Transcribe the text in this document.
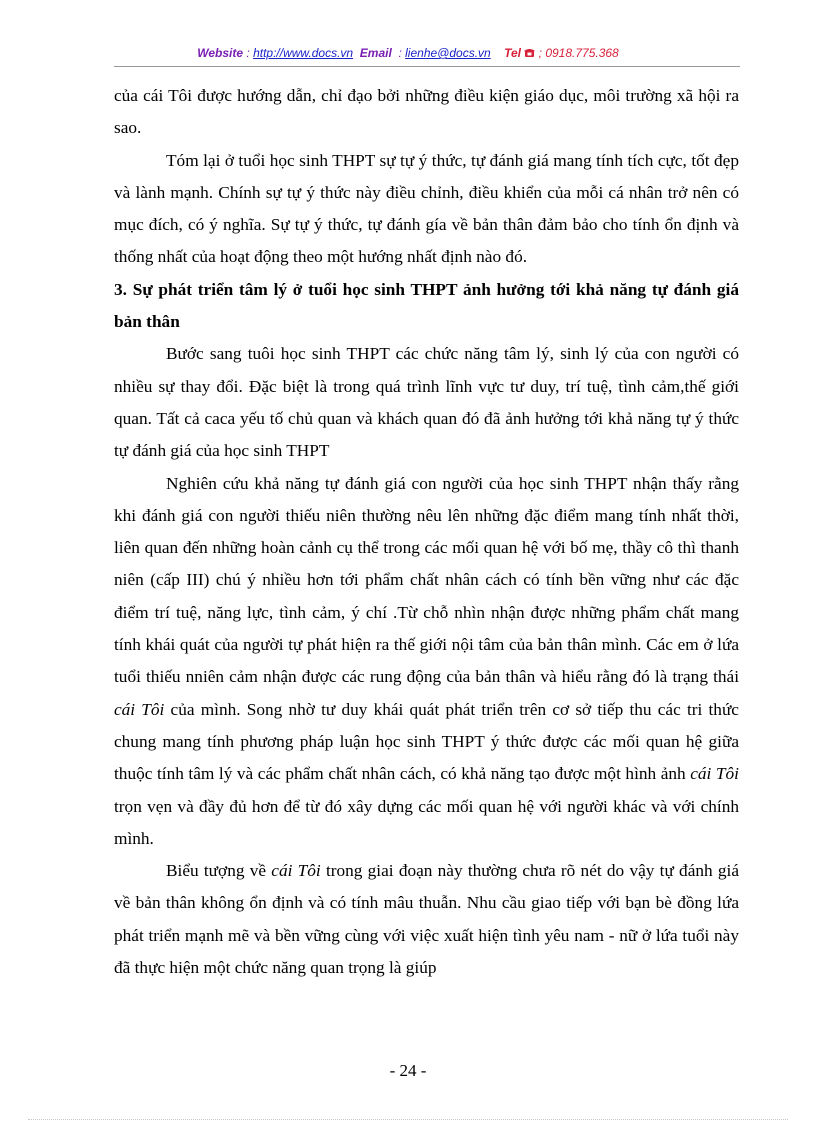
Website : http://www.docs.vn Email  : lienhe@docs.vn Tel  ; 0918.775.368

của cái Tôi được hướng dẫn, chỉ đạo bởi những điều kiện giáo dục, môi trường xã hội ra sao.

Tóm lại ở tuổi học sinh THPT sự tự ý thức, tự đánh giá mang tính tích cực, tốt đẹp và lành mạnh. Chính sự tự ý thức này điều chỉnh, điều khiển của mỗi cá nhân trở nên có mục đích, có ý nghĩa. Sự tự ý thức, tự đánh gía về bản thân đảm bảo cho tính ổn định và thống nhất của hoạt động theo một hướng nhất định nào đó.

3. Sự phát triển tâm lý ở tuổi học sinh THPT ảnh hưởng tới khả năng tự đánh giá bản thân

Bước sang tuôi học sinh THPT các chức năng tâm lý, sinh lý của con người có nhiều sự thay đổi. Đặc biệt là trong quá trình lĩnh vực tư duy, trí tuệ, tình cảm,thế giới quan. Tất cả caca yếu tố chủ quan và khách quan đó đã ảnh hưởng tới khả năng tự ý thức tự đánh giá của học sinh THPT

Nghiên cứu khả năng tự đánh giá con người của học sinh THPT nhận thấy rằng khi đánh giá con người thiếu niên thường nêu lên những đặc điểm mang tính nhất thời, liên quan đến những hoàn cảnh cụ thể trong các mối quan hệ với bố mẹ, thầy cô thì thanh niên (cấp III) chú ý nhiều hơn tới phẩm chất nhân cách có tính bền vững như các đặc điểm trí tuệ, năng lực, tình cảm, ý chí .Từ chỗ nhìn nhận được những phẩm chất mang tính khái quát của người tự phát hiện ra thế giới nội tâm của bản thân mình. Các em ở lứa tuổi thiếu nniên cảm nhận được các rung động của bản thân và hiểu rằng đó là trạng thái cái Tôi của mình. Song nhờ tư duy khái quát phát triển trên cơ sở tiếp thu các tri thức chung mang tính phương pháp luận học sinh THPT ý thức được các mối quan hệ giữa thuộc tính tâm lý và các phẩm chất nhân cách, có khả năng tạo được một hình ảnh cái Tôi trọn vẹn và đầy đủ hơn để từ đó xây dựng các mối quan hệ với người khác và với chính mình.

Biểu tượng về cái Tôi trong giai đoạn này thường chưa rõ nét do vậy tự đánh giá về bản thân không ổn định và có tính mâu thuẫn. Nhu cầu giao tiếp với bạn bè đồng lứa phát triển mạnh mẽ và bền vững cùng với việc xuất hiện tình yêu nam - nữ ở lứa tuổi này đã thực hiện một chức năng quan trọng là giúp

- 24 -
